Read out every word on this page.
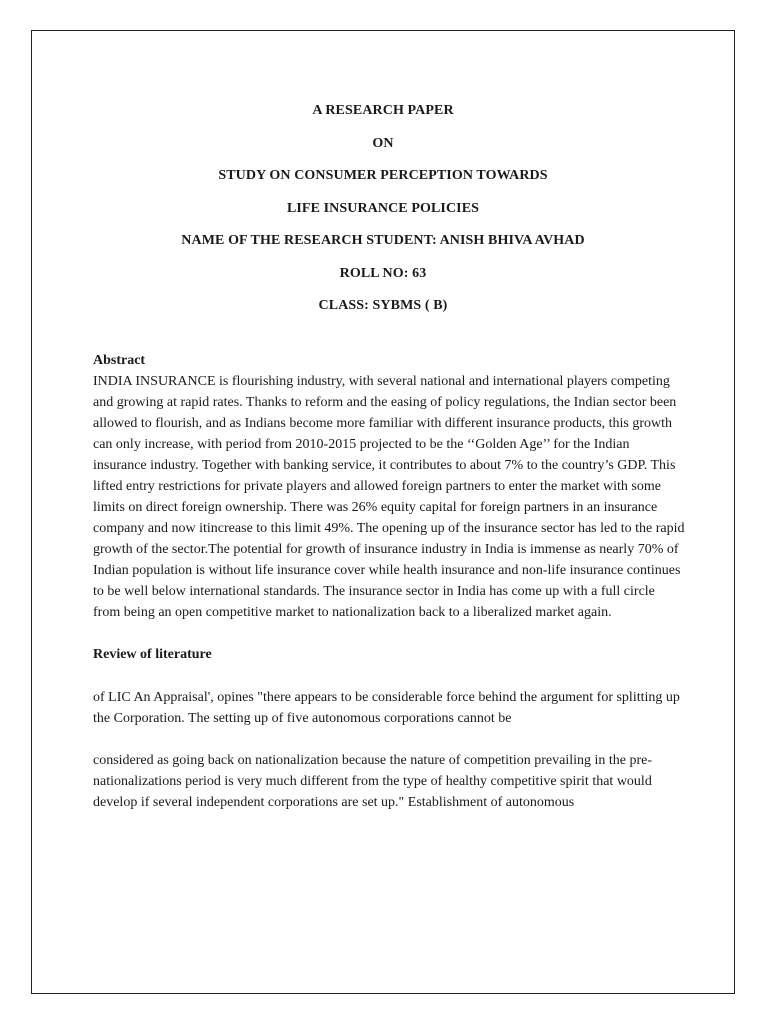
A RESEARCH PAPER
ON
STUDY ON CONSUMER PERCEPTION TOWARDS
LIFE INSURANCE POLICIES
NAME OF THE RESEARCH STUDENT: ANISH BHIVA AVHAD
ROLL NO: 63
CLASS: SYBMS ( B)

Abstract

INDIA INSURANCE is flourishing industry, with several national and international players competing and growing at rapid rates. Thanks to reform and the easing of policy regulations, the Indian sector been allowed to flourish, and as Indians become more familiar with different insurance products, this growth can only increase, with period from 2010-2015 projected to be the ‘‘Golden Age’’ for the Indian insurance industry. Together with banking service, it contributes to about 7% to the country’s GDP. This lifted entry restrictions for private players and allowed foreign partners to enter the market with some limits on direct foreign ownership. There was 26% equity capital for foreign partners in an insurance company and now itincrease to this limit 49%. The opening up of the insurance sector has led to the rapid growth of the sector.The potential for growth of insurance industry in India is immense as nearly 70% of Indian population is without life insurance cover while health insurance and non-life insurance continues to be well below international standards. The insurance sector in India has come up with a full circle from being an open competitive market to nationalization back to a liberalized market again.

Review of literature

of LIC An Appraisal', opines "there appears to be considerable force behind the argument for splitting up the Corporation. The setting up of five autonomous corporations cannot be

considered as going back on nationalization because the nature of competition prevailing in the pre-nationalizations period is very much different from the type of healthy competitive spirit that would develop if several independent corporations are set up." Establishment of autonomous
